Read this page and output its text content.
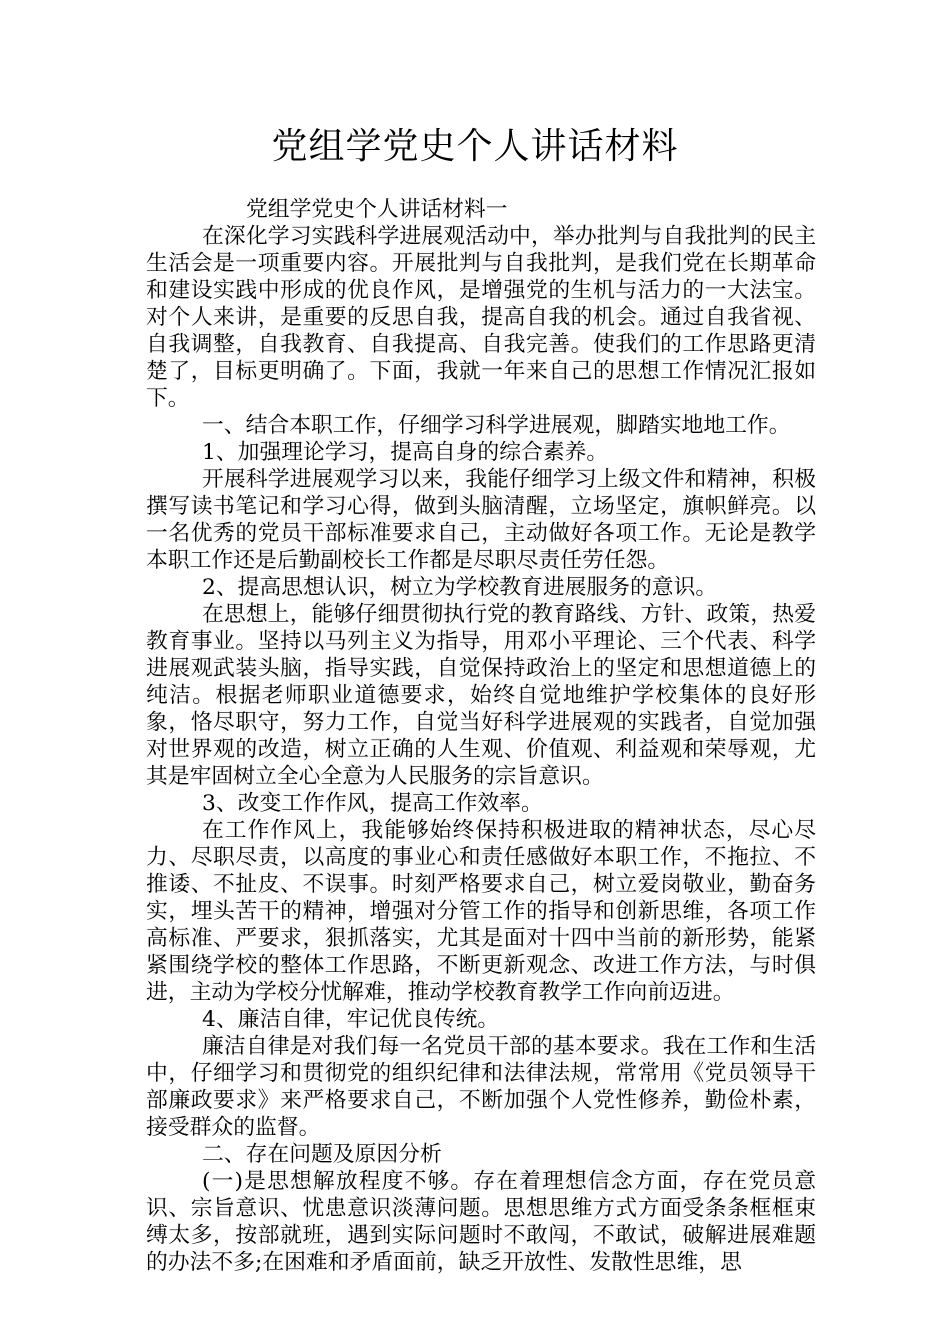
党组学党史个人讲话材料

党组学党史个人讲话材料一

在深化学习实践科学进展观活动中，举办批判与自我批判的民主生活会是一项重要内容。开展批判与自我批判，是我们党在长期革命和建设实践中形成的优良作风，是增强党的生机与活力的一大法宝。对个人来讲，是重要的反思自我，提高自我的机会。通过自我省视、自我调整，自我教育、自我提高、自我完善。使我们的工作思路更清楚了，目标更明确了。下面，我就一年来自己的思想工作情况汇报如下。

一、结合本职工作，仔细学习科学进展观，脚踏实地地工作。

1、加强理论学习，提高自身的综合素养。

开展科学进展观学习以来，我能仔细学习上级文件和精神，积极撰写读书笔记和学习心得，做到头脑清醒，立场坚定，旗帜鲜亮。以一名优秀的党员干部标准要求自己，主动做好各项工作。无论是教学本职工作还是后勤副校长工作都是尽职尽责任劳任怨。

2、提高思想认识，树立为学校教育进展服务的意识。

在思想上，能够仔细贯彻执行党的教育路线、方针、政策，热爱教育事业。坚持以马列主义为指导，用邓小平理论、三个代表、科学进展观武装头脑，指导实践，自觉保持政治上的坚定和思想道德上的纯洁。根据老师职业道德要求，始终自觉地维护学校集体的良好形象，恪尽职守，努力工作，自觉当好科学进展观的实践者，自觉加强对世界观的改造，树立正确的人生观、价值观、利益观和荣辱观，尤其是牢固树立全心全意为人民服务的宗旨意识。

3、改变工作作风，提高工作效率。

在工作作风上，我能够始终保持积极进取的精神状态，尽心尽力、尽职尽责，以高度的事业心和责任感做好本职工作，不拖拉、不推诿、不扯皮、不误事。时刻严格要求自己，树立爱岗敬业，勤奋务实，埋头苦干的精神，增强对分管工作的指导和创新思维，各项工作高标准、严要求，狠抓落实，尤其是面对十四中当前的新形势，能紧紧围绕学校的整体工作思路，不断更新观念、改进工作方法，与时俱进，主动为学校分忧解难，推动学校教育教学工作向前迈进。

4、廉洁自律，牢记优良传统。

廉洁自律是对我们每一名党员干部的基本要求。我在工作和生活中，仔细学习和贯彻党的组织纪律和法律法规，常常用《党员领导干部廉政要求》来严格要求自己，不断加强个人党性修养，勤俭朴素，接受群众的监督。

二、存在问题及原因分析

(一)是思想解放程度不够。存在着理想信念方面，存在党员意识、宗旨意识、忧患意识淡薄问题。思想思维方式方面受条条框框束缚太多，按部就班，遇到实际问题时不敢闯，不敢试，破解进展难题的办法不多;在困难和矛盾面前，缺乏开放性、发散性思维，思
